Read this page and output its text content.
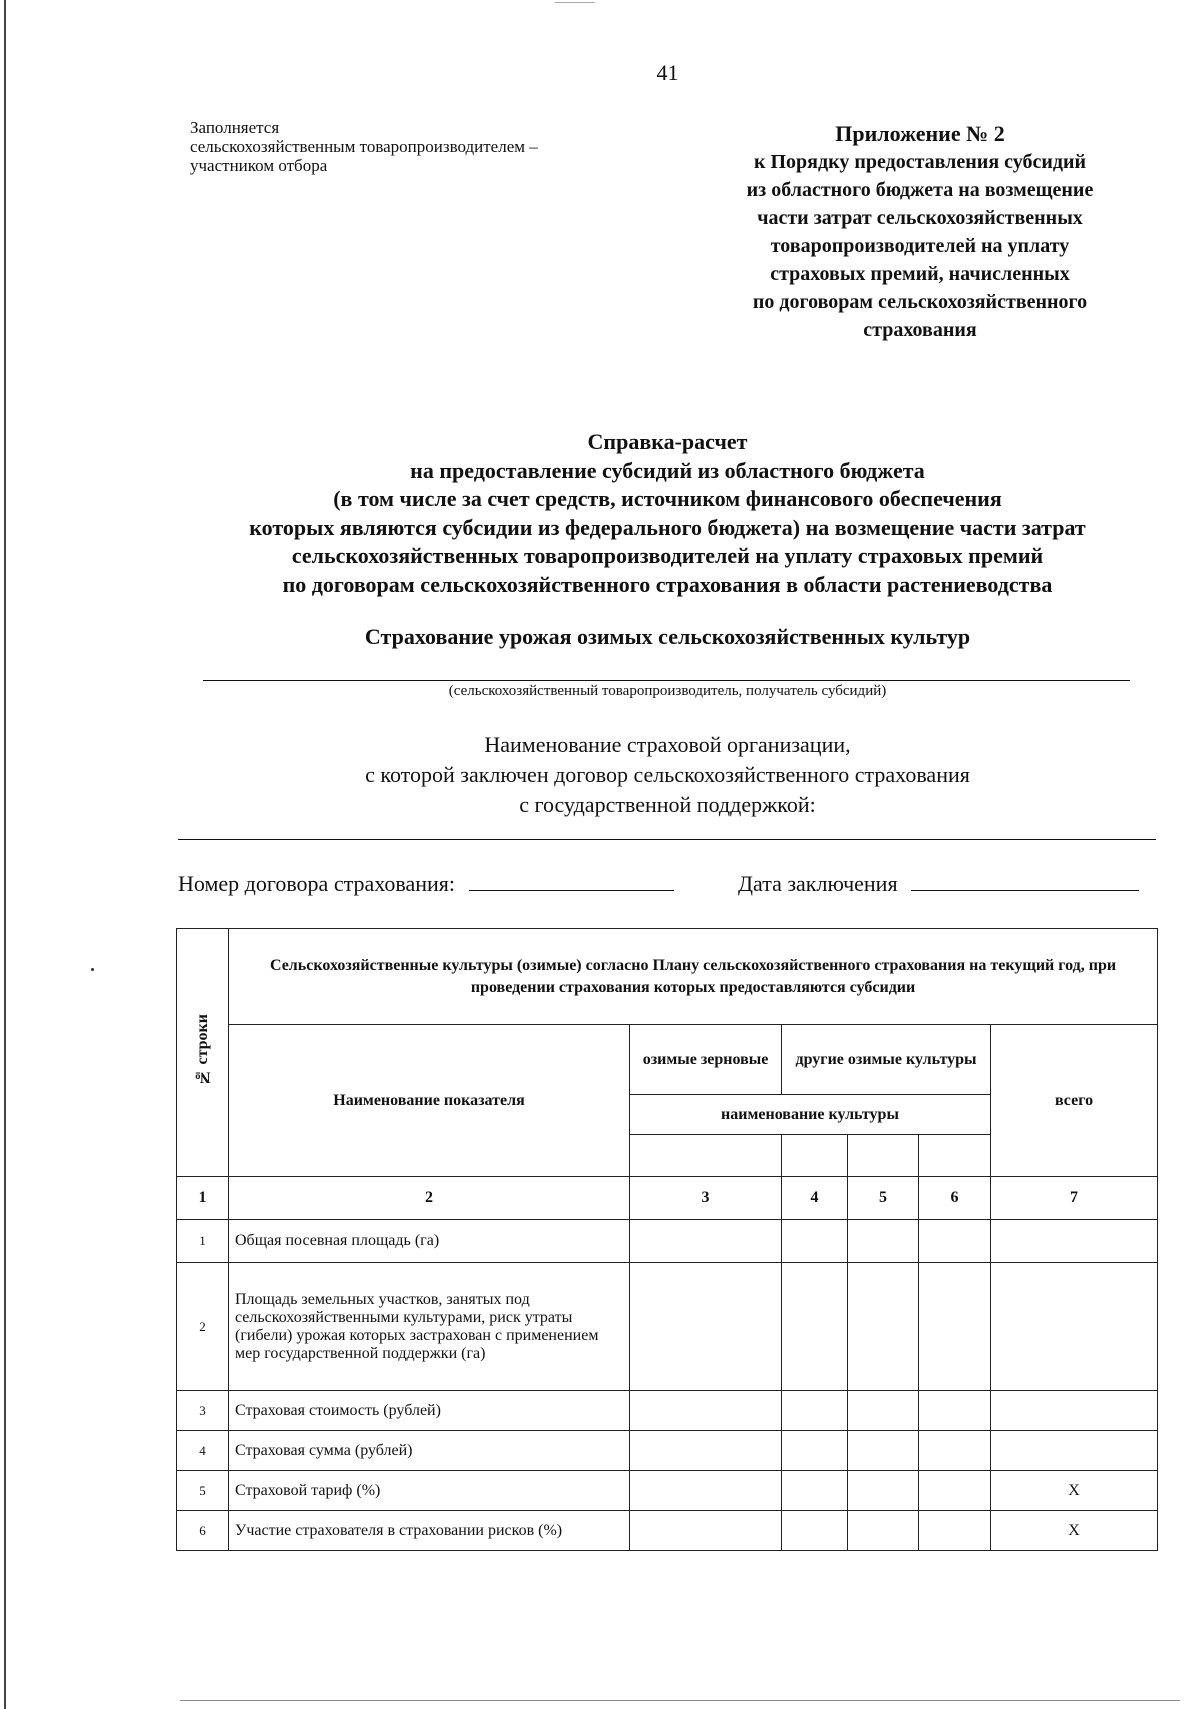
41
Заполняется
сельскохозяйственным товаропроизводителем –
участником отбора
Приложение № 2
к Порядку предоставления субсидий
из областного бюджета на возмещение
части затрат сельскохозяйственных
товаропроизводителей на уплату
страховых премий, начисленных
по договорам сельскохозяйственного
страхования
Справка-расчет
на предоставление субсидий из областного бюджета
(в том числе за счет средств, источником финансового обеспечения
которых являются субсидии из федерального бюджета) на возмещение части затрат
сельскохозяйственных товаропроизводителей на уплату страховых премий
по договорам сельскохозяйственного страхования в области растениеводства
Страхование урожая озимых сельскохозяйственных культур
(сельскохозяйственный товаропроизводитель, получатель субсидий)
Наименование страховой организации,
с которой заключен договор сельскохозяйственного страхования
с государственной поддержкой:
Номер договора страхования:	Дата заключения
№ строки	Сельскохозяйственные культуры (озимые) согласно Плану сельскохозяйственного страхования на текущий год, при проведении страхования которых предоставляются субсидии					
	Наименование показателя	озимые зерновые	другие озимые культуры			всего
		наименование культуры				

1	2	3	4	5	6	7
1	Общая посевная площадь (га)					
2	Площадь земельных участков, занятых под сельскохозяйственными культурами, риск утраты (гибели) урожая которых застрахован с применением мер государственной поддержки (га)					
3	Страховая стоимость (рублей)					
4	Страховая сумма (рублей)					
5	Страховой тариф (%)					Х
6	Участие страхователя в страховании рисков (%)					Х
